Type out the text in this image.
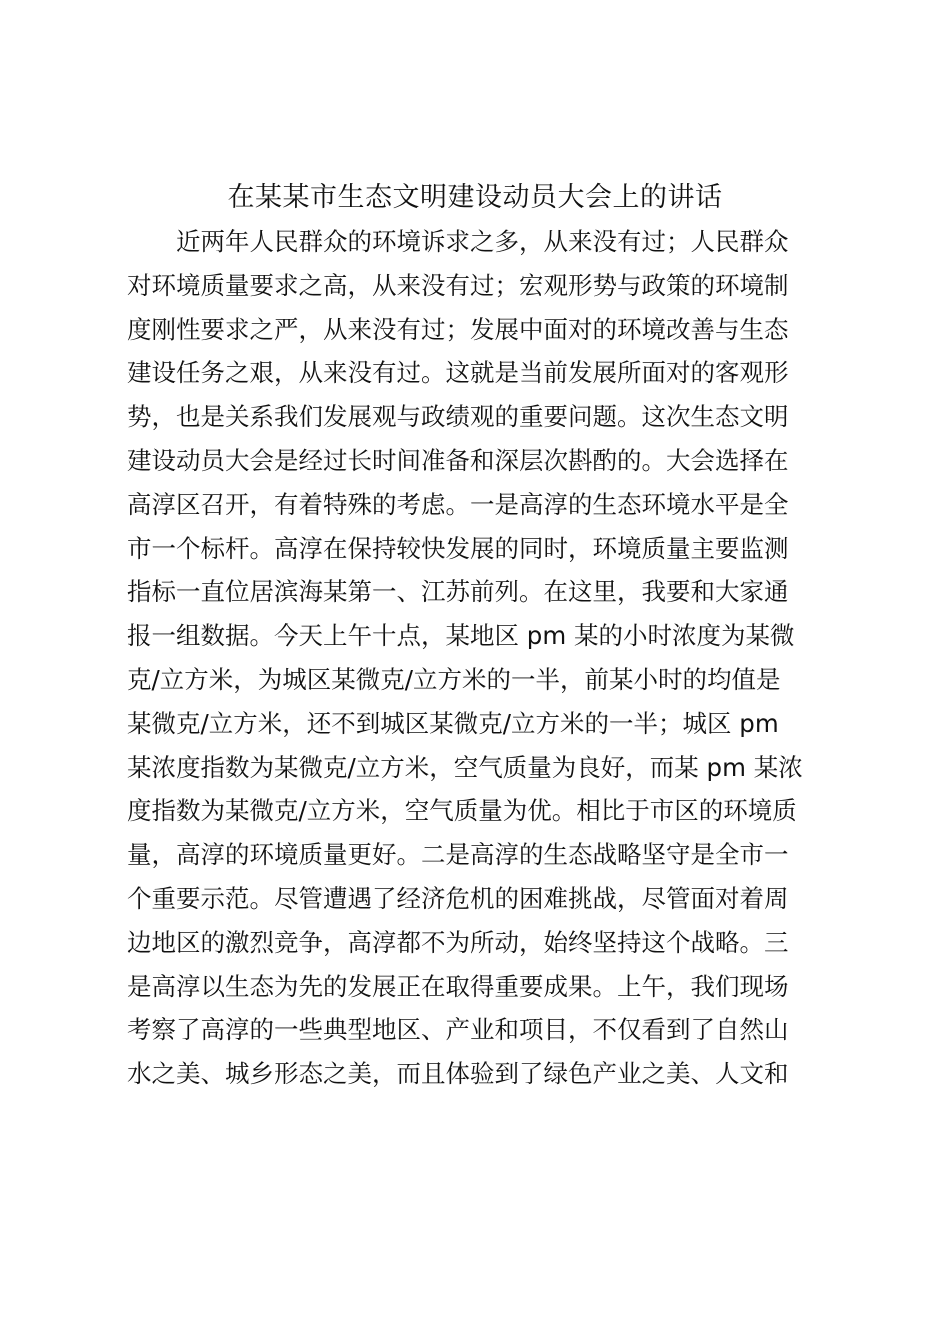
在某某市生态文明建设动员大会上的讲话
近两年人民群众的环境诉求之多，从来没有过；人民群众
对环境质量要求之高，从来没有过；宏观形势与政策的环境制
度刚性要求之严，从来没有过；发展中面对的环境改善与生态
建设任务之艰，从来没有过。这就是当前发展所面对的客观形
势，也是关系我们发展观与政绩观的重要问题。这次生态文明
建设动员大会是经过长时间准备和深层次斟酌的。大会选择在
高淳区召开，有着特殊的考虑。一是高淳的生态环境水平是全
市一个标杆。高淳在保持较快发展的同时，环境质量主要监测
指标一直位居滨海某第一、江苏前列。在这里，我要和大家通
报一组数据。今天上午十点，某地区 pm 某的小时浓度为某微
克/立方米，为城区某微克/立方米的一半，前某小时的均值是
某微克/立方米，还不到城区某微克/立方米的一半；城区 pm
某浓度指数为某微克/立方米，空气质量为良好，而某 pm 某浓
度指数为某微克/立方米，空气质量为优。相比于市区的环境质
量，高淳的环境质量更好。二是高淳的生态战略坚守是全市一
个重要示范。尽管遭遇了经济危机的困难挑战，尽管面对着周
边地区的激烈竞争，高淳都不为所动，始终坚持这个战略。三
是高淳以生态为先的发展正在取得重要成果。上午，我们现场
考察了高淳的一些典型地区、产业和项目，不仅看到了自然山
水之美、城乡形态之美，而且体验到了绿色产业之美、人文和
